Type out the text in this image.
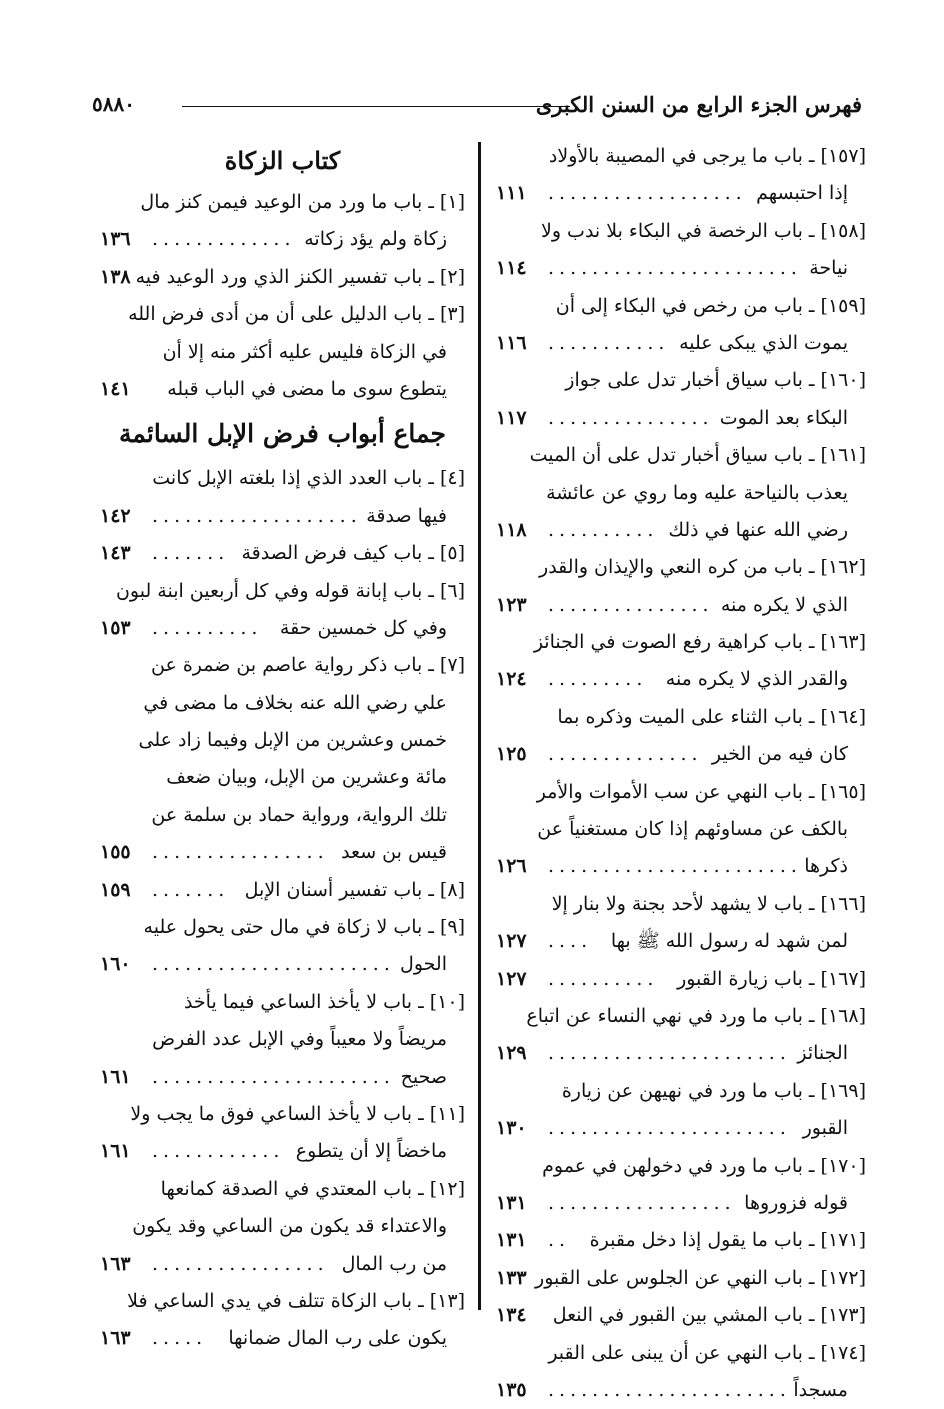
فهرس الجزء الرابع من السنن الكبرى
٥٨٨٠
[١٥٧] ـ باب ما يرجى في المصيبة بالأولاد
إذا احتبسهم
..................
١١١
[١٥٨] ـ باب الرخصة في البكاء بلا ندب ولا
نياحة
.......................
١١٤
[١٥٩] ـ باب من رخص في البكاء إلى أن
يموت الذي يبكى عليه
...........
١١٦
[١٦٠] ـ باب سياق أخبار تدل على جواز
البكاء بعد الموت
...............
١١٧
[١٦١] ـ باب سياق أخبار تدل على أن الميت
يعذب بالنياحة عليه وما روي عن عائشة
رضي الله عنها في ذلك
..........
١١٨
[١٦٢] ـ باب من كره النعي والإيذان والقدر
الذي لا يكره منه
...............
١٢٣
[١٦٣] ـ باب كراهية رفع الصوت في الجنائز
والقدر الذي لا يكره منه
.........
١٢٤
[١٦٤] ـ باب الثناء على الميت وذكره بما
كان فيه من الخير
..............
١٢٥
[١٦٥] ـ باب النهي عن سب الأموات والأمر
بالكف عن مساوئهم إذا كان مستغنياً عن
ذكرها
.......................
١٢٦
[١٦٦] ـ باب لا يشهد لأحد بجنة ولا بنار إلا
لمن شهد له رسول الله ﷺ بها
....
١٢٧
[١٦٧] ـ باب زيارة القبور
..........
١٢٧
[١٦٨] ـ باب ما ورد في نهي النساء عن اتباع
الجنائز
......................
١٢٩
[١٦٩] ـ باب ما ورد في نهيهن عن زيارة
القبور
......................
١٣٠
[١٧٠] ـ باب ما ورد في دخولهن في عموم
قوله فزوروها
.................
١٣١
[١٧١] ـ باب ما يقول إذا دخل مقبرة
..
١٣١
[١٧٢] ـ باب النهي عن الجلوس على القبور
١٣٣
[١٧٣] ـ باب المشي بين القبور في النعل
١٣٤
[١٧٤] ـ باب النهي عن أن يبنى على القبر
مسجداً
......................
١٣٥
كتاب الزكاة
[١] ـ باب ما ورد من الوعيد فيمن كنز مال
زكاة ولم يؤد زكاته
.............
١٣٦
[٢] ـ باب تفسير الكنز الذي ورد الوعيد فيه
١٣٨
[٣] ـ باب الدليل على أن من أدى فرض الله
في الزكاة فليس عليه أكثر منه إلا أن
يتطوع سوى ما مضى في الباب قبله
١٤١
جماع أبواب فرض الإبل السائمة
[٤] ـ باب العدد الذي إذا بلغته الإبل كانت
فيها صدقة
...................
١٤٢
[٥] ـ باب كيف فرض الصدقة
.......
١٤٣
[٦] ـ باب إبانة قوله وفي كل أربعين ابنة لبون
وفي كل خمسين حقة
..........
١٥٣
[٧] ـ باب ذكر رواية عاصم بن ضمرة عن
علي رضي الله عنه بخلاف ما مضى في
خمس وعشرين من الإبل وفيما زاد على
مائة وعشرين من الإبل، وبيان ضعف
تلك الرواية، ورواية حماد بن سلمة عن
قيس بن سعد
................
١٥٥
[٨] ـ باب تفسير أسنان الإبل
.......
١٥٩
[٩] ـ باب لا زكاة في مال حتى يحول عليه
الحول
......................
١٦٠
[١٠] ـ باب لا يأخذ الساعي فيما يأخذ
مريضاً ولا معيباً وفي الإبل عدد الفرض
صحيح
......................
١٦١
[١١] ـ باب لا يأخذ الساعي فوق ما يجب ولا
ماخضاً إلا أن يتطوع
............
١٦١
[١٢] ـ باب المعتدي في الصدقة كمانعها
والاعتداء قد يكون من الساعي وقد يكون
من رب المال
................
١٦٣
[١٣] ـ باب الزكاة تتلف في يدي الساعي فلا
يكون على رب المال ضمانها
.....
١٦٣
